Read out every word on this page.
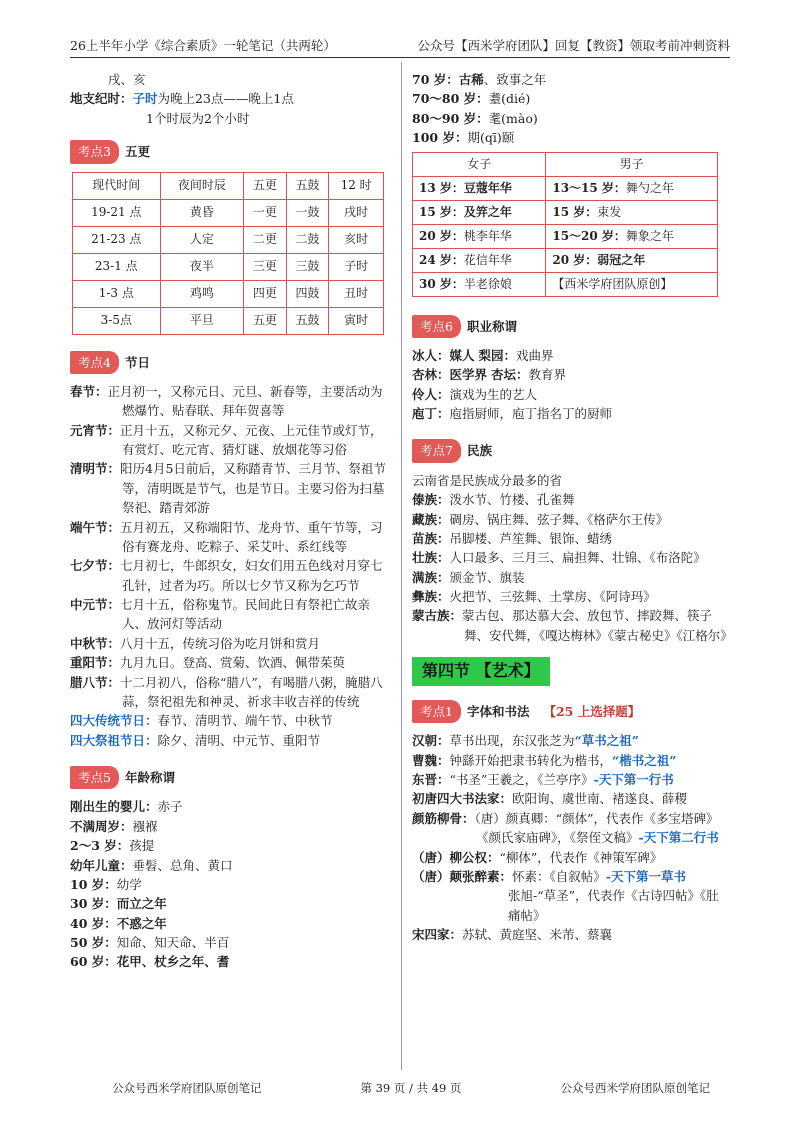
26上半年小学《综合素质》一轮笔记（共两轮）	公众号【西米学府团队】回复【教资】领取考前冲刺资料

戌、亥

地支纪时：子时为晚上23点——晚上1点

1个时辰为2个小时

考点3	五更
现代时间	夜间时辰	五更	五鼓	12 时
19-21 点	黄昏	一更	一鼓	戌时
21-23 点	人定	二更	二鼓	亥时
23-1 点	夜半	三更	三鼓	子时
1-3 点	鸡鸣	四更	四鼓	丑时
3-5点	平旦	五更	五鼓	寅时
考点4	节日

春节：正月初一，又称元日、元旦、新春等，主要活动为燃爆竹、贴春联、拜年贺喜等

元宵节：正月十五，又称元夕、元夜、上元佳节或灯节，有赏灯、吃元宵、猜灯谜、放烟花等习俗

清明节：阳历4月5日前后，又称踏青节、三月节、祭祖节等，清明既是节气，也是节日。主要习俗为扫墓祭祀、踏青郊游

端午节：五月初五，又称端阳节、龙舟节、重午节等，习俗有赛龙舟、吃粽子、采艾叶、系红线等

七夕节：七月初七，牛郎织女，妇女们用五色线对月穿七孔针，过者为巧。所以七夕节又称为乞巧节

中元节：七月十五，俗称鬼节。民间此日有祭祀亡故亲人、放河灯等活动

中秋节：八月十五，传统习俗为吃月饼和赏月

重阳节：九月九日。登高、赏菊、饮酒、佩带茱萸

腊八节：十二月初八，俗称“腊八”，有喝腊八粥，腌腊八蒜，祭祀祖先和神灵、祈求丰收吉祥的传统

四大传统节日：春节、清明节、端午节、中秋节

四大祭祖节日：除夕、清明、中元节、重阳节

考点5	年龄称谓

刚出生的婴儿：赤子

不满周岁：襁褓

2～3 岁：孩提

幼年儿童：垂髫、总角、黄口

10 岁：幼学

30 岁：而立之年

40 岁：不惑之年

50 岁：知命、知天命、半百

60 岁：花甲、杖乡之年、耆

70 岁：古稀、致事之年

70～80 岁：耋(dié)

80～90 岁：耄(mào)

100 岁：期(qī)颐

女子	男子
13 岁：豆蔻年华	13～15 岁：舞勺之年
15 岁：及笄之年	15 岁：束发
20 岁：桃李年华	15～20 岁：舞象之年
24 岁：花信年华	20 岁：弱冠之年
30 岁：半老徐娘	【西米学府团队原创】
考点6	职业称谓

冰人：媒人 梨园：戏曲界

杏林：医学界 杏坛：教育界

伶人：演戏为生的艺人

庖丁：庖指厨师，庖丁指名丁的厨师

考点7	民族

云南省是民族成分最多的省

傣族：泼水节、竹楼、孔雀舞

藏族：碉房、锅庄舞、弦子舞、《格萨尔王传》

苗族：吊脚楼、芦笙舞、银饰、蜡绣

壮族：人口最多、三月三、扁担舞、壮锦、《布洛陀》

满族：颁金节、旗装

彝族：火把节、三弦舞、土掌房、《阿诗玛》

蒙古族：蒙古包、那达慕大会、放包节、摔跤舞、筷子舞、安代舞，《嘎达梅林》《蒙古秘史》《江格尔》

第四节 【艺术】
考点1	字体和书法 【25 上选择题】

汉朝：草书出现，东汉张芝为“草书之祖”

曹魏：钟繇开始把隶书转化为楷书，“楷书之祖”

东晋：“书圣”王羲之，《兰亭序》-天下第一行书

初唐四大书法家：欧阳询、虞世南、褚遂良、薛稷

颜筋柳骨：（唐）颜真卿：“颜体”，代表作《多宝塔碑》《颜氏家庙碑》，《祭侄文稿》-天下第二行书

（唐）柳公权：“柳体”，代表作《神策军碑》

（唐）颠张醉素：怀素：《自叙帖》-天下第一草书

张旭-“草圣”，代表作《古诗四帖》《肚痛帖》

宋四家：苏轼、黄庭坚、米芾、蔡襄

公众号西米学府团队原创笔记	第 39 页 / 共 49 页	公众号西米学府团队原创笔记
